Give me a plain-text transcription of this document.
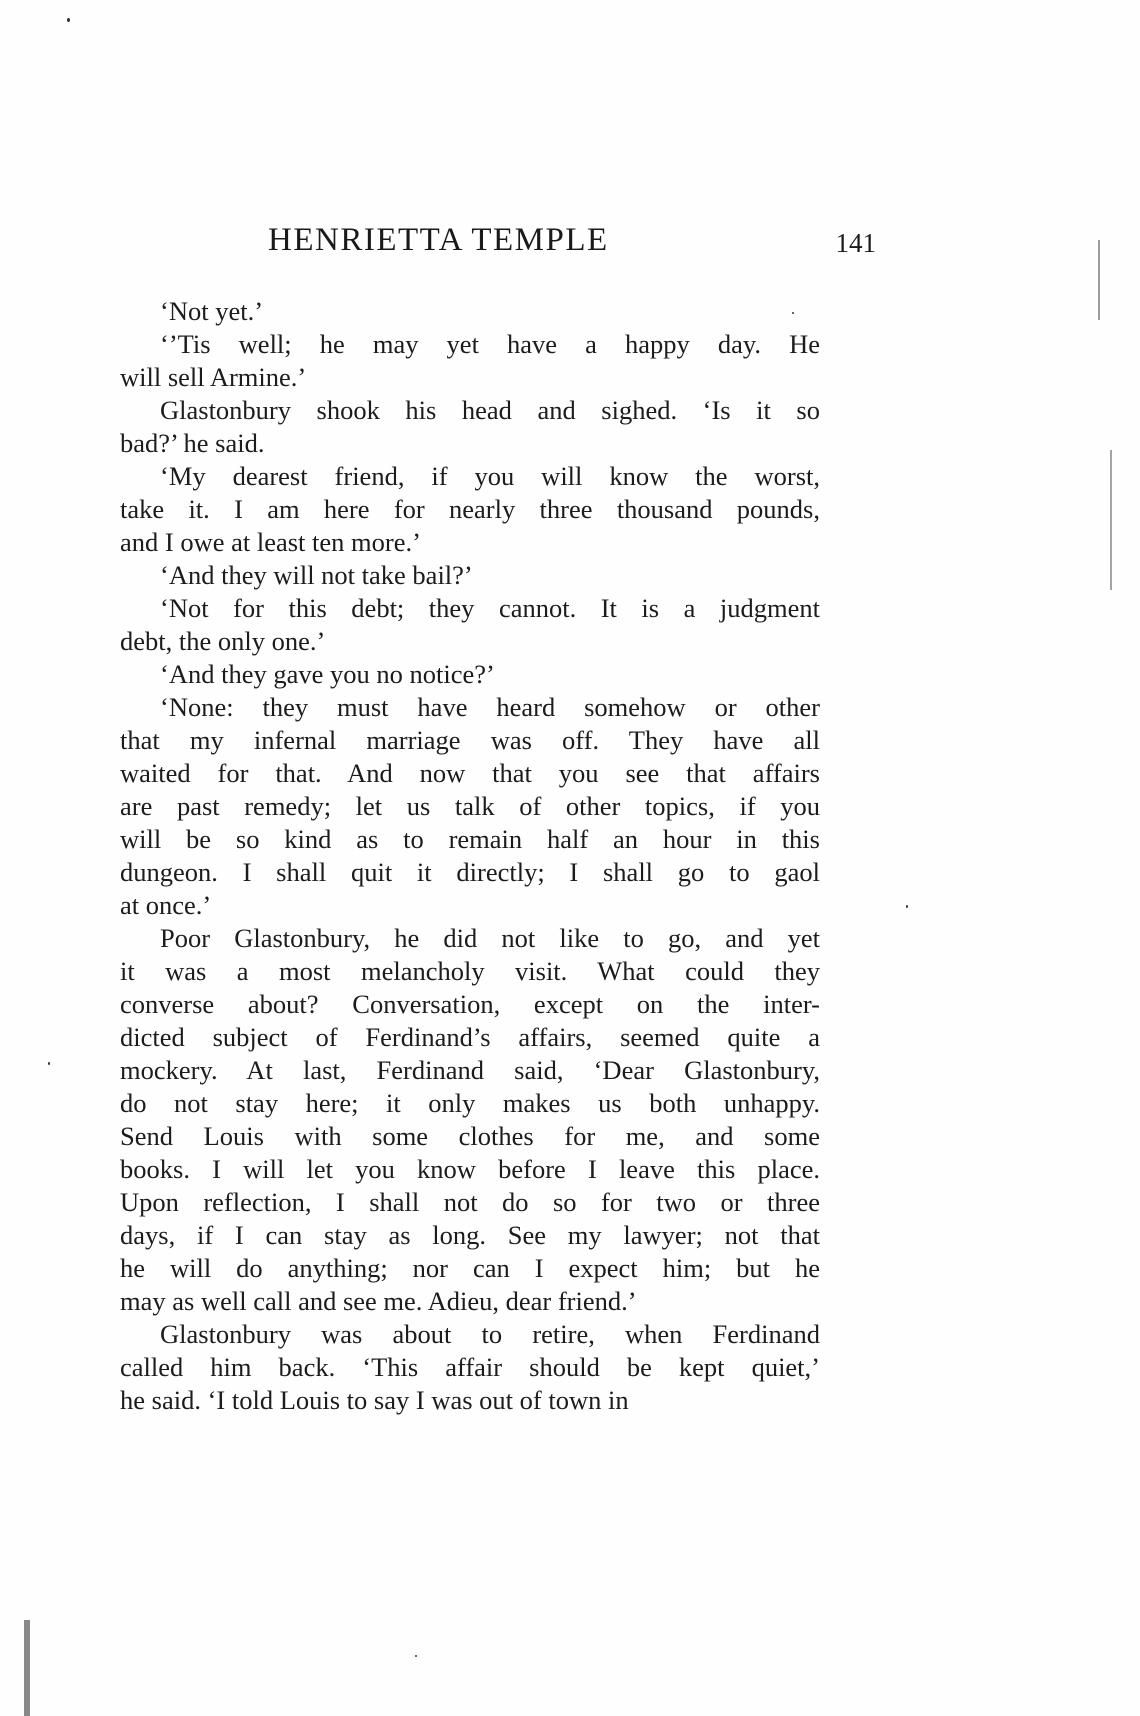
HENRIETTA TEMPLE	141
‘Not yet.’
‘’Tis well; he may yet have a happy day. He
will sell Armine.’
Glastonbury shook his head and sighed. ‘Is it so
bad?’ he said.
‘My dearest friend, if you will know the worst,
take it. I am here for nearly three thousand pounds,
and I owe at least ten more.’
‘And they will not take bail?’
‘Not for this debt; they cannot. It is a judgment
debt, the only one.’
‘And they gave you no notice?’
‘None: they must have heard somehow or other
that my infernal marriage was off. They have all
waited for that. And now that you see that affairs
are past remedy; let us talk of other topics, if you
will be so kind as to remain half an hour in this
dungeon. I shall quit it directly; I shall go to gaol
at once.’
Poor Glastonbury, he did not like to go, and yet
it was a most melancholy visit. What could they
converse about? Conversation, except on the inter-
dicted subject of Ferdinand’s affairs, seemed quite a
mockery. At last, Ferdinand said, ‘Dear Glastonbury,
do not stay here; it only makes us both unhappy.
Send Louis with some clothes for me, and some
books. I will let you know before I leave this place.
Upon reflection, I shall not do so for two or three
days, if I can stay as long. See my lawyer; not that
he will do anything; nor can I expect him; but he
may as well call and see me. Adieu, dear friend.’
Glastonbury was about to retire, when Ferdinand
called him back. ‘This affair should be kept quiet,’
he said. ‘I told Louis to say I was out of town in
